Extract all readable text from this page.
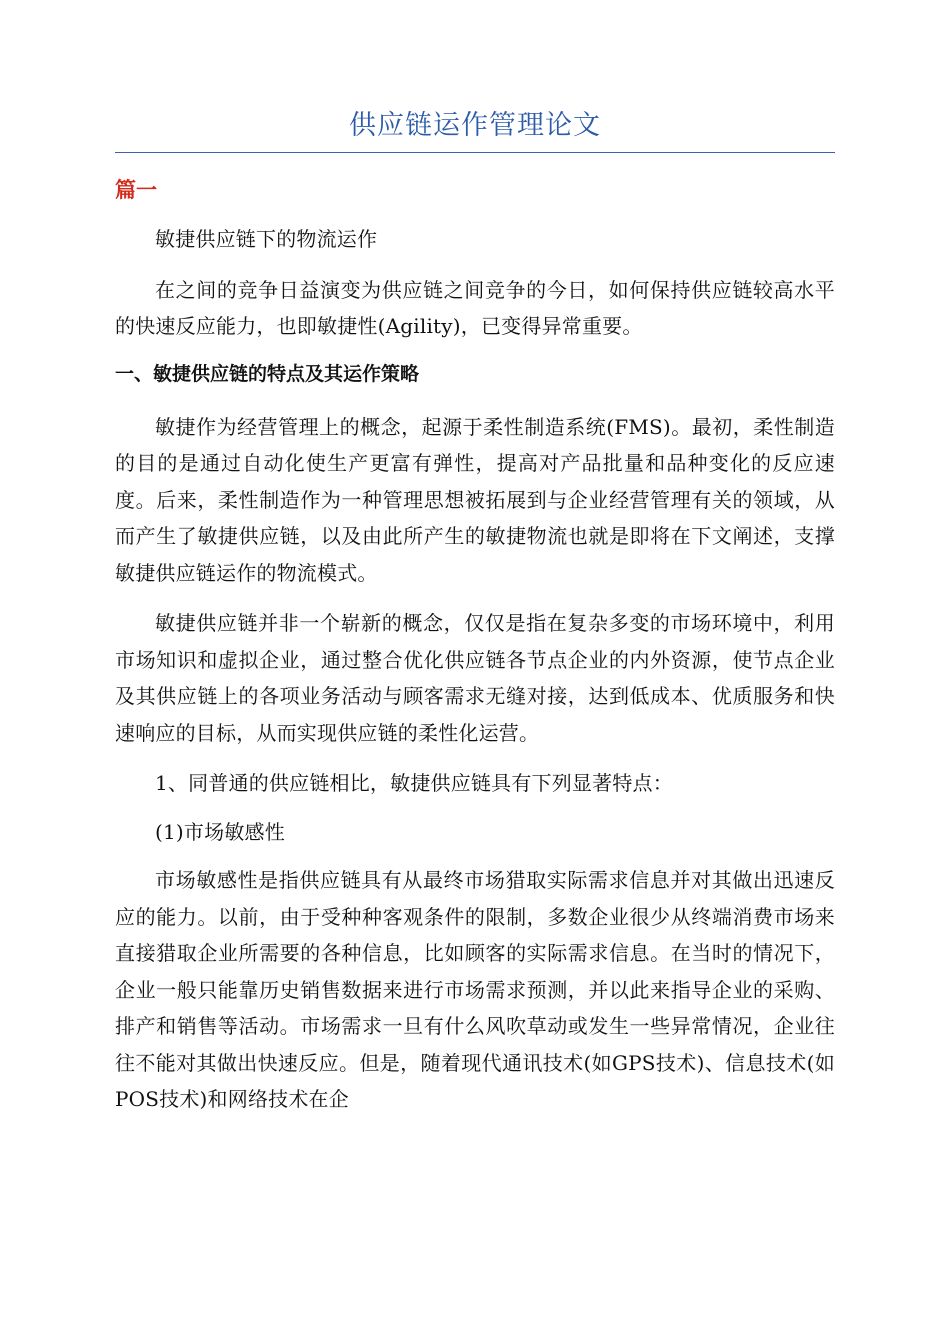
供应链运作管理论文
篇一

敏捷供应链下的物流运作

在之间的竞争日益演变为供应链之间竞争的今日，如何保持供应链较高水平的快速反应能力，也即敏捷性(Agility)，已变得异常重要。

一、敏捷供应链的特点及其运作策略

敏捷作为经营管理上的概念，起源于柔性制造系统(FMS)。最初，柔性制造的目的是通过自动化使生产更富有弹性，提高对产品批量和品种变化的反应速度。后来，柔性制造作为一种管理思想被拓展到与企业经营管理有关的领域，从而产生了敏捷供应链，以及由此所产生的敏捷物流也就是即将在下文阐述，支撑敏捷供应链运作的物流模式。

敏捷供应链并非一个崭新的概念，仅仅是指在复杂多变的市场环境中，利用市场知识和虚拟企业，通过整合优化供应链各节点企业的内外资源，使节点企业及其供应链上的各项业务活动与顾客需求无缝对接，达到低成本、优质服务和快速响应的目标，从而实现供应链的柔性化运营。

1、同普通的供应链相比，敏捷供应链具有下列显著特点：

(1)市场敏感性

市场敏感性是指供应链具有从最终市场猎取实际需求信息并对其做出迅速反应的能力。以前，由于受种种客观条件的限制，多数企业很少从终端消费市场来直接猎取企业所需要的各种信息，比如顾客的实际需求信息。在当时的情况下，企业一般只能靠历史销售数据来进行市场需求预测，并以此来指导企业的采购、排产和销售等活动。市场需求一旦有什么风吹草动或发生一些异常情况，企业往往不能对其做出快速反应。但是，随着现代通讯技术(如GPS技术)、信息技术(如POS技术)和网络技术在企
